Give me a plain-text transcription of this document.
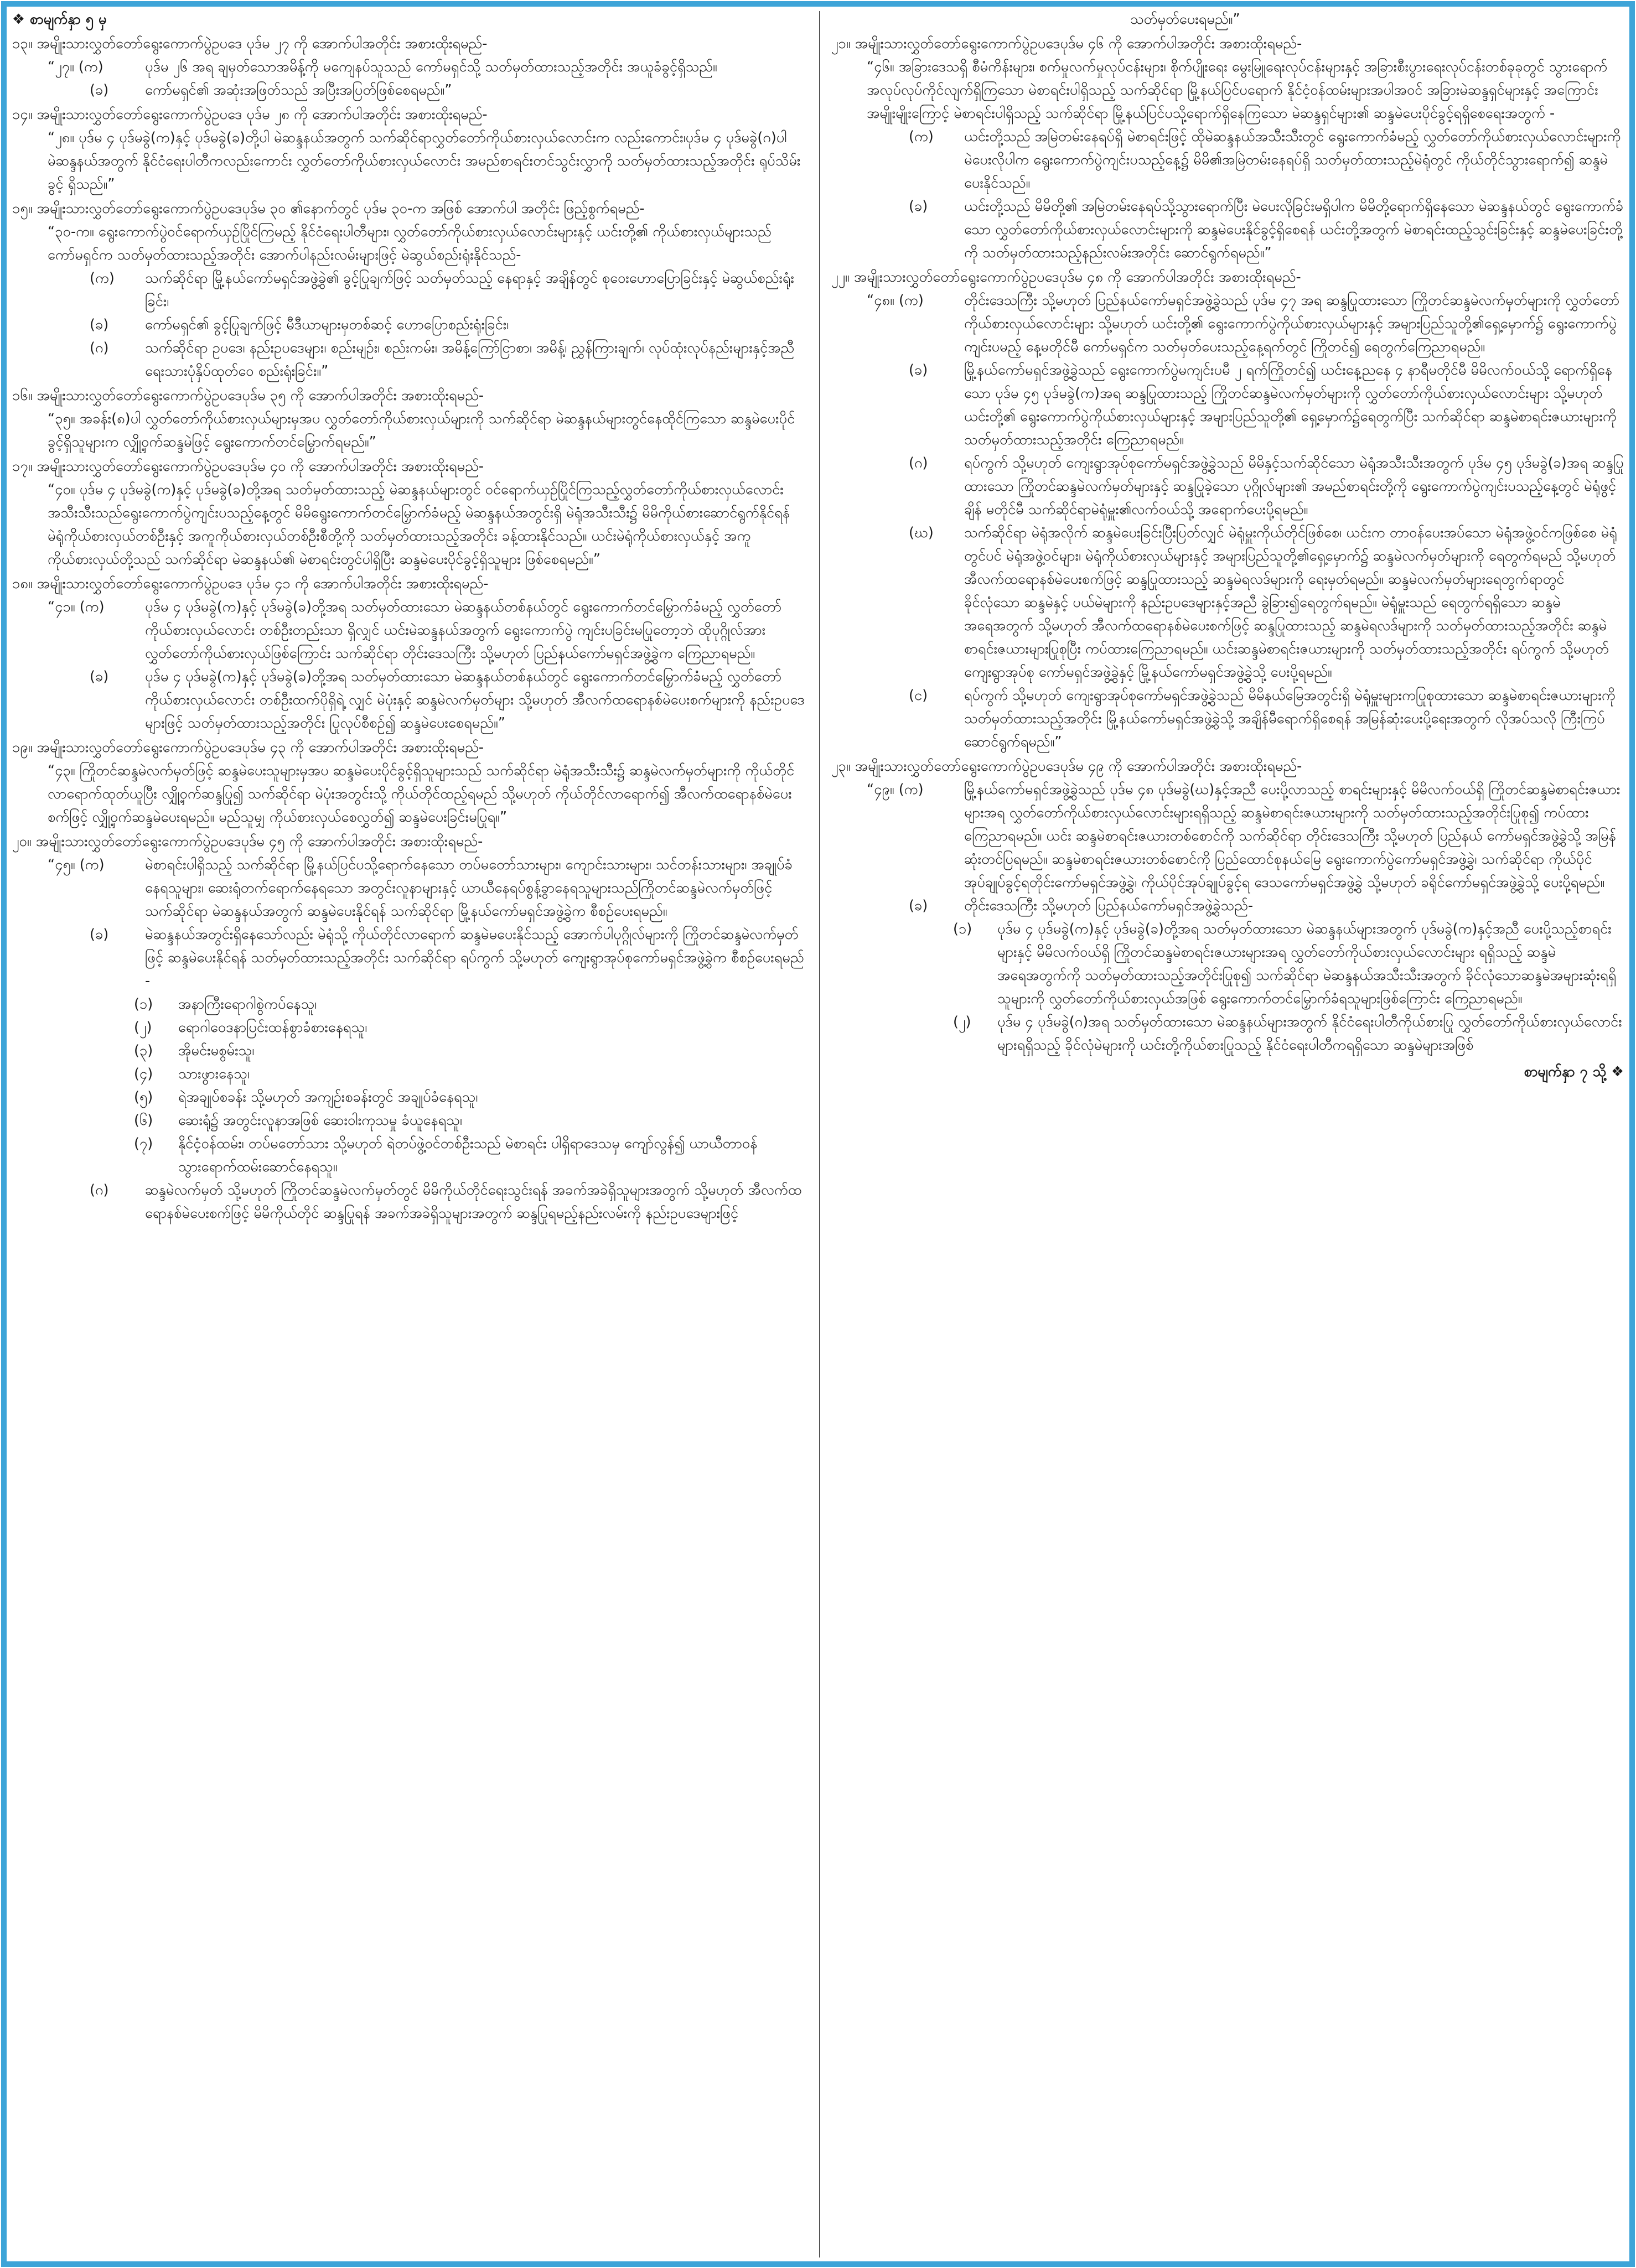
❖ စာမျက်နှာ ၅ မှ
၁၃။ အမျိုးသားလွှတ်တော်ရွေးကောက်ပွဲဥပဒေ ပုဒ်မ ၂၇ ကို အောက်ပါအတိုင်း အစားထိုးရမည်-
“၂၇။ (က)	ပုဒ်မ ၂၆ အရ ချမှတ်သောအမိန့်ကို မကျေနပ်သူသည် ကော်မရှင်သို့ သတ်မှတ်ထားသည့်အတိုင်း အယူခံခွင့်ရှိသည်။
(ခ)	ကော်မရှင်၏ အဆုံးအဖြတ်သည် အပြီးအပြတ်ဖြစ်စေရမည်။”
၁၄။ အမျိုးသားလွှတ်တော်ရွေးကောက်ပွဲဥပဒေ ပုဒ်မ ၂၈ ကို အောက်ပါအတိုင်း အစားထိုးရမည်-
“၂၈။ ပုဒ်မ ၄ ပုဒ်မခွဲ(က)နှင့် ပုဒ်မခွဲ(ခ)တို့ပါ မဲဆန္ဒနယ်အတွက် သက်ဆိုင်ရာလွှတ်တော်ကိုယ်စားလှယ်လောင်းက လည်းကောင်း၊ပုဒ်မ ၄ ပုဒ်မခွဲ(ဂ)ပါ မဲဆန္ဒနယ်အတွက် နိုင်ငံရေးပါတီကလည်းကောင်း လွှတ်တော်ကိုယ်စားလှယ်လောင်း အမည်စာရင်းတင်သွင်းလွှာကို သတ်မှတ်ထားသည့်အတိုင်း ရုပ်သိမ်းခွင့် ရှိသည်။”
၁၅။ အမျိုးသားလွှတ်တော်ရွေးကောက်ပွဲဥပဒေပုဒ်မ ၃၀ ၏နောက်တွင် ပုဒ်မ ၃၀-က အဖြစ် အောက်ပါ အတိုင်း ဖြည့်စွက်ရမည်-
“၃၀-က။ ရွေးကောက်ပွဲဝင်ရောက်ယှဉ်ပြိုင်ကြမည့် နိုင်ငံရေးပါတီများ၊ လွှတ်တော်ကိုယ်စားလှယ်လောင်းများနှင့် ယင်းတို့၏ ကိုယ်စားလှယ်များသည် ကော်မရှင်က သတ်မှတ်ထားသည့်အတိုင်း အောက်ပါနည်းလမ်းများဖြင့် မဲဆွယ်စည်းရုံးနိုင်သည်-
(က)	သက်ဆိုင်ရာ မြို့နယ်ကော်မရှင်အဖွဲ့ခွဲ၏ ခွင့်ပြုချက်ဖြင့် သတ်မှတ်သည့် နေရာနှင့် အချိန်တွင် စုဝေးဟောပြောခြင်းနှင့် မဲဆွယ်စည်းရုံးခြင်း၊
(ခ)	ကော်မရှင်၏ ခွင့်ပြုချက်ဖြင့် မီဒီယာများမှတစ်ဆင့် ဟောပြောစည်းရုံးခြင်း၊
(ဂ)	သက်ဆိုင်ရာ ဥပဒေ၊ နည်းဥပဒေများ၊ စည်းမျဉ်း၊ စည်းကမ်း၊ အမိန့်ကြော်ငြာစာ၊ အမိန့်၊ ညွှန်ကြားချက်၊ လုပ်ထုံးလုပ်နည်းများနှင့်အညီ ရေးသားပုံနှိပ်ထုတ်ဝေ စည်းရုံးခြင်း။”
၁၆။ အမျိုးသားလွှတ်တော်ရွေးကောက်ပွဲဥပဒေပုဒ်မ ၃၅ ကို အောက်ပါအတိုင်း အစားထိုးရမည်-
“၃၅။ အခန်း(၈)ပါ လွှတ်တော်ကိုယ်စားလှယ်များမှအပ လွှတ်တော်ကိုယ်စားလှယ်များကို သက်ဆိုင်ရာ မဲဆန္ဒနယ်များတွင်နေထိုင်ကြသော ဆန္ဒမဲပေးပိုင်ခွင့်ရှိသူများက လျှို့ဝှက်ဆန္ဒမဲဖြင့် ရွေးကောက်တင်မြှောက်ရမည်။”
၁၇။ အမျိုးသားလွှတ်တော်ရွေးကောက်ပွဲဥပဒေပုဒ်မ ၄၀ ကို အောက်ပါအတိုင်း အစားထိုးရမည်-
“၄၀။ ပုဒ်မ ၄ ပုဒ်မခွဲ(က)နှင့် ပုဒ်မခွဲ(ခ)တို့အရ သတ်မှတ်ထားသည့် မဲဆန္ဒနယ်များတွင် ဝင်ရောက်ယှဉ်ပြိုင်ကြသည့်လွှတ်တော်ကိုယ်စားလှယ်လောင်းအသီးသီးသည်ရွေးကောက်ပွဲကျင်းပသည့်နေ့တွင် မိမိရွေးကောက်တင်မြှောက်ခံမည့် မဲဆန္ဒနယ်အတွင်းရှိ မဲရုံအသီးသီး၌ မိမိကိုယ်စားဆောင်ရွက်နိုင်ရန် မဲရုံကိုယ်စားလှယ်တစ်ဦးနှင့် အကူကိုယ်စားလှယ်တစ်ဦးစီတို့ကို သတ်မှတ်ထားသည့်အတိုင်း ခန့်ထားနိုင်သည်။ ယင်းမဲရုံကိုယ်စားလှယ်နှင့် အကူကိုယ်စားလှယ်တို့သည် သက်ဆိုင်ရာ မဲဆန္ဒနယ်၏ မဲစာရင်းတွင်ပါရှိပြီး ဆန္ဒမဲပေးပိုင်ခွင့်ရှိသူများ ဖြစ်စေရမည်။”
၁၈။ အမျိုးသားလွှတ်တော်ရွေးကောက်ပွဲဥပဒေ ပုဒ်မ ၄၁ ကို အောက်ပါအတိုင်း အစားထိုးရမည်-
“၄၁။ (က)	ပုဒ်မ ၄ ပုဒ်မခွဲ(က)နှင့် ပုဒ်မခွဲ(ခ)တို့အရ သတ်မှတ်ထားသော မဲဆန္ဒနယ်တစ်နယ်တွင် ရွေးကောက်တင်မြှောက်ခံမည့် လွှတ်တော်ကိုယ်စားလှယ်လောင်း တစ်ဦးတည်းသာ ရှိလျှင် ယင်းမဲဆန္ဒနယ်အတွက် ရွေးကောက်ပွဲ ကျင်းပခြင်းမပြုတော့ဘဲ ထိုပုဂ္ဂိုလ်အား လွှတ်တော်ကိုယ်စားလှယ်ဖြစ်ကြောင်း သက်ဆိုင်ရာ တိုင်းဒေသကြီး သို့မဟုတ် ပြည်နယ်ကော်မရှင်အဖွဲ့ခွဲက ကြေညာရမည်။
(ခ)	ပုဒ်မ ၄ ပုဒ်မခွဲ(က)နှင့် ပုဒ်မခွဲ(ခ)တို့အရ သတ်မှတ်ထားသော မဲဆန္ဒနယ်တစ်နယ်တွင် ရွေးကောက်တင်မြှောက်ခံမည့် လွှတ်တော်ကိုယ်စားလှယ်လောင်း တစ်ဦးထက်ပိုရှိရဲ့ လျှင် မဲပုံးနှင့် ဆန္ဒမဲလက်မှတ်များ သို့မဟုတ် အီလက်ထရောနစ်မဲပေးစက်များကို နည်းဥပဒေများဖြင့် သတ်မှတ်ထားသည့်အတိုင်း ပြုလုပ်စီစဉ်၍ ဆန္ဒမဲပေးစေရမည်။”
၁၉။ အမျိုးသားလွှတ်တော်ရွေးကောက်ပွဲဥပဒေပုဒ်မ ၄၃ ကို အောက်ပါအတိုင်း အစားထိုးရမည်-
“၄၃။ ကြိုတင်ဆန္ဒမဲလက်မှတ်ဖြင့် ဆန္ဒမဲပေးသူများမှအပ ဆန္ဒမဲပေးပိုင်ခွင့်ရှိသူများသည် သက်ဆိုင်ရာ မဲရုံအသီးသီး၌ ဆန္ဒမဲလက်မှတ်များကို ကိုယ်တိုင်လာရောက်ထုတ်ယူပြီး လျှို့ဝှက်ဆန္ဒပြု၍ သက်ဆိုင်ရာ မဲပုံးအတွင်းသို့ ကိုယ်တိုင်ထည့်ရမည် သို့မဟုတ် ကိုယ်တိုင်လာရောက်၍ အီလက်ထရောနစ်မဲပေးစက်ဖြင့် လျှို့ဝှက်ဆန္ဒမဲပေးရမည်။ မည်သူမျှ ကိုယ်စားလှယ်စေလွှတ်၍ ဆန္ဒမဲပေးခြင်းမပြုရ။”
၂၀။ အမျိုးသားလွှတ်တော်ရွေးကောက်ပွဲဥပဒေပုဒ်မ ၄၅ ကို အောက်ပါအတိုင်း အစားထိုးရမည်-
“၄၅။ (က)	မဲစာရင်းပါရှိသည့် သက်ဆိုင်ရာ မြို့နယ်ပြင်ပသို့ရောက်နေသော တပ်မတော်သားများ၊ ကျောင်းသားများ၊ သင်တန်းသားများ၊ အချုပ်ခံနေရသူများ၊ ဆေးရုံတက်ရောက်နေရသော အတွင်းလူနာများနှင့် ယာယီနေရပ်စွန့်ခွာနေရသူများသည်ကြိုတင်ဆန္ဒမဲလက်မှတ်ဖြင့် သက်ဆိုင်ရာ မဲဆန္ဒနယ်အတွက် ဆန္ဒမဲပေးနိုင်ရန် သက်ဆိုင်ရာ မြို့နယ်ကော်မရှင်အဖွဲ့ခွဲက စီစဉ်ပေးရမည်။
(ခ)	မဲဆန္ဒနယ်အတွင်းရှိနေသော်လည်း မဲရုံသို့ ကိုယ်တိုင်လာရောက် ဆန္ဒမဲမပေးနိုင်သည့် အောက်ပါပုဂ္ဂိုလ်များကို ကြိုတင်ဆန္ဒမဲလက်မှတ်ဖြင့် ဆန္ဒမဲပေးနိုင်ရန် သတ်မှတ်ထားသည့်အတိုင်း သက်ဆိုင်ရာ ရပ်ကွက် သို့မဟုတ် ကျေးရွာအုပ်စုကော်မရှင်အဖွဲ့ခွဲက စီစဉ်ပေးရမည် -
(၁)	အနာကြီးရောဂါစွဲကပ်နေသူ၊
(၂)	ရောဂါဝေဒနာပြင်းထန်စွာခံစားနေရသူ၊
(၃)	အိုမင်းမစွမ်းသူ၊
(၄)	သားဖွားနေသူ၊
(၅)	ရဲအချုပ်စခန်း သို့မဟုတ် အကျဉ်းစခန်းတွင် အချုပ်ခံနေရသူ၊
(၆)	ဆေးရုံ၌ အတွင်းလူနာအဖြစ် ဆေးဝါးကုသမှု ခံယူနေရသူ၊
(၇)	နိုင်ငံ့ဝန်ထမ်း၊ တပ်မတော်သား သို့မဟုတ် ရဲတပ်ဖွဲ့ဝင်တစ်ဦးသည် မဲစာရင်း ပါရှိရာဒေသမှ ကျော်လွန်၍ ယာယီတာဝန်သွားရောက်ထမ်းဆောင်နေရသူ။
(ဂ)	ဆန္ဒမဲလက်မှတ် သို့မဟုတ် ကြိုတင်ဆန္ဒမဲလက်မှတ်တွင် မိမိကိုယ်တိုင်ရေးသွင်းရန် အခက်အခဲရှိသူများအတွက် သို့မဟုတ် အီလက်ထရောနစ်မဲပေးစက်ဖြင့် မိမိကိုယ်တိုင် ဆန္ဒပြုရန် အခက်အခဲရှိသူများအတွက် ဆန္ဒပြုရမည့်နည်းလမ်းကို နည်းဥပဒေများဖြင့်
သတ်မှတ်ပေးရမည်။”
၂၁။ အမျိုးသားလွှတ်တော်ရွေးကောက်ပွဲဥပဒေပုဒ်မ ၄၆ ကို အောက်ပါအတိုင်း အစားထိုးရမည်-
“၄၆။ အခြားဒေသရှိ စီမံကိန်းများ၊ စက်မှုလက်မှုလုပ်ငန်းများ၊ စိုက်ပျိုးရေး မွေးမြူရေးလုပ်ငန်းများနှင့် အခြားစီးပွားရေးလုပ်ငန်းတစ်ခုခုတွင် သွားရောက်အလုပ်လုပ်ကိုင်လျက်ရှိကြသော မဲစာရင်းပါရှိသည့် သက်ဆိုင်ရာ မြို့နယ်ပြင်ပရောက် နိုင်ငံ့ဝန်ထမ်းများအပါအဝင် အခြားမဲဆန္ဒရှင်များနှင့် အကြောင်းအမျိုးမျိုးကြောင့် မဲစာရင်းပါရှိသည့် သက်ဆိုင်ရာ မြို့နယ်ပြင်ပသို့ရောက်ရှိနေကြသော မဲဆန္ဒရှင်များ၏ ဆန္ဒမဲပေးပိုင်ခွင့်ရရှိစေရေးအတွက် -
(က)	ယင်းတို့သည် အမြဲတမ်းနေရပ်ရှိ မဲစာရင်းဖြင့် ထိုမဲဆန္ဒနယ်အသီးသီးတွင် ရွေးကောက်ခံမည့် လွှတ်တော်ကိုယ်စားလှယ်လောင်းများကို မဲပေးလိုပါက ရွေးကောက်ပွဲကျင်းပသည့်နေ့၌ မိမိ၏အမြဲတမ်းနေရပ်ရှိ သတ်မှတ်ထားသည့်မဲရုံတွင် ကိုယ်တိုင်သွားရောက်၍ ဆန္ဒမဲပေးနိုင်သည်။
(ခ)	ယင်းတို့သည် မိမိတို့၏ အမြဲတမ်းနေရပ်သို့သွားရောက်ပြီး မဲပေးလိုခြင်းမရှိပါက မိမိတို့ရောက်ရှိနေသော မဲဆန္ဒနယ်တွင် ရွေးကောက်ခံသော လွှတ်တော်ကိုယ်စားလှယ်လောင်းများကို ဆန္ဒမဲပေးနိုင်ခွင့်ရှိစေရန် ယင်းတို့အတွက် မဲစာရင်းထည့်သွင်းခြင်းနှင့် ဆန္ဒမဲပေးခြင်းတို့ကို သတ်မှတ်ထားသည့်နည်းလမ်းအတိုင်း ဆောင်ရွက်ရမည်။”
၂၂။ အမျိုးသားလွှတ်တော်ရွေးကောက်ပွဲဥပဒေပုဒ်မ ၄၈ ကို အောက်ပါအတိုင်း အစားထိုးရမည်-
“၄၈။ (က)	တိုင်းဒေသကြီး သို့မဟုတ် ပြည်နယ်ကော်မရှင်အဖွဲ့ခွဲသည် ပုဒ်မ ၄၇ အရ ဆန္ဒပြုထားသော ကြိုတင်ဆန္ဒမဲလက်မှတ်များကို လွှတ်တော်ကိုယ်စားလှယ်လောင်းများ သို့မဟုတ် ယင်းတို့၏ ရွေးကောက်ပွဲကိုယ်စားလှယ်များနှင့် အများပြည်သူတို့၏ရှေ့မှောက်၌ ရွေးကောက်ပွဲကျင်းပမည့် နေ့မတိုင်မီ ကော်မရှင်က သတ်မှတ်ပေးသည့်နေ့ရက်တွင် ကြိုတင်၍ ရေတွက်ကြေညာရမည်။
(ခ)	မြို့နယ်ကော်မရှင်အဖွဲ့ခွဲသည် ရွေးကောက်ပွဲမကျင်းပမီ ၂ ရက်ကြိုတင်၍ ယင်းနေ့ညနေ ၄ နာရီမတိုင်မီ မိမိလက်ဝယ်သို့ ရောက်ရှိနေသော ပုဒ်မ ၄၅ ပုဒ်မခွဲ(က)အရ ဆန္ဒပြုထားသည့် ကြိုတင်ဆန္ဒမဲလက်မှတ်များကို လွှတ်တော်ကိုယ်စားလှယ်လောင်းများ သို့မဟုတ် ယင်းတို့၏ ရွေးကောက်ပွဲကိုယ်စားလှယ်များနှင့် အများပြည်သူတို့၏ ရှေ့မှောက်၌ရေတွက်ပြီး သက်ဆိုင်ရာ ဆန္ဒမဲစာရင်းဇယားများကို သတ်မှတ်ထားသည့်အတိုင်း ကြေညာရမည်။
(ဂ)	ရပ်ကွက် သို့မဟုတ် ကျေးရွာအုပ်စုကော်မရှင်အဖွဲ့ခွဲသည် မိမိနှင့်သက်ဆိုင်သော မဲရုံအသီးသီးအတွက် ပုဒ်မ ၄၅ ပုဒ်မခွဲ(ခ)အရ ဆန္ဒပြုထားသော ကြိုတင်ဆန္ဒမဲလက်မှတ်များနှင့် ဆန္ဒပြုခဲ့သော ပုဂ္ဂိုလ်များ၏ အမည်စာရင်းတို့ကို ရွေးကောက်ပွဲကျင်းပသည့်နေ့တွင် မဲရုံဖွင့်ချိန် မတိုင်မီ သက်ဆိုင်ရာမဲရုံမှူး၏လက်ဝယ်သို့ အရောက်ပေးပို့ရမည်။
(ဃ)	သက်ဆိုင်ရာ မဲရုံအလိုက် ဆန္ဒမဲပေးခြင်းပြီးပြတ်လျှင် မဲရုံမှူးကိုယ်တိုင်ဖြစ်စေ၊ ယင်းက တာဝန်ပေးအပ်သော မဲရုံအဖွဲ့ဝင်ကဖြစ်စေ မဲရုံတွင်ပင် မဲရုံအဖွဲ့ဝင်များ၊ မဲရုံကိုယ်စားလှယ်များနှင့် အများပြည်သူတို့၏ရှေ့မှောက်၌ ဆန္ဒမဲလက်မှတ်များကို ရေတွက်ရမည် သို့မဟုတ် အီလက်ထရောနစ်မဲပေးစက်ဖြင့် ဆန္ဒပြုထားသည့် ဆန္ဒမဲရလဒ်များကို ရေးမှတ်ရမည်။ ဆန္ဒမဲလက်မှတ်များရေတွက်ရာတွင် ခိုင်လုံသော ဆန္ဒမဲနှင့် ပယ်မဲများကို နည်းဥပဒေများနှင့်အညီ ခွဲခြား၍ရေတွက်ရမည်။ မဲရုံမှူးသည် ရေတွက်ရရှိသော ဆန္ဒမဲအရေအတွက် သို့မဟုတ် အီလက်ထရောနစ်မဲပေးစက်ဖြင့် ဆန္ဒပြုထားသည့် ဆန္ဒမဲရလဒ်များကို သတ်မှတ်ထားသည့်အတိုင်း ဆန္ဒမဲစာရင်းဇယားများပြုစုပြီး ကပ်ထားကြေညာရမည်။ ယင်းဆန္ဒမဲစာရင်းဇယားများကို သတ်မှတ်ထားသည့်အတိုင်း ရပ်ကွက် သို့မဟုတ် ကျေးရွာအုပ်စု ကော်မရှင်အဖွဲ့ခွဲနှင့် မြို့နယ်ကော်မရှင်အဖွဲ့ခွဲသို့ ပေးပို့ရမည်။
(င)	ရပ်ကွက် သို့မဟုတ် ကျေးရွာအုပ်စုကော်မရှင်အဖွဲ့ခွဲသည် မိမိနယ်မြေအတွင်းရှိ မဲရုံမှူးများကပြုစုထားသော ဆန္ဒမဲစာရင်းဇယားများကို သတ်မှတ်ထားသည့်အတိုင်း မြို့နယ်ကော်မရှင်အဖွဲ့ခွဲသို့ အချိန်မီရောက်ရှိစေရန် အမြန်ဆုံးပေးပို့ရေးအတွက် လိုအပ်သလို ကြီးကြပ်ဆောင်ရွက်ရမည်။”
၂၃။ အမျိုးသားလွှတ်တော်ရွေးကောက်ပွဲဥပဒေပုဒ်မ ၄၉ ကို အောက်ပါအတိုင်း အစားထိုးရမည်-
“၄၉။ (က)	မြို့နယ်ကော်မရှင်အဖွဲ့ခွဲသည် ပုဒ်မ ၄၈ ပုဒ်မခွဲ(ဃ)နှင့်အညီ ပေးပို့လာသည့် စာရင်းများနှင့် မိမိလက်ဝယ်ရှိ ကြိုတင်ဆန္ဒမဲစာရင်းဇယားများအရ လွှတ်တော်ကိုယ်စားလှယ်လောင်းများရရှိသည့် ဆန္ဒမဲစာရင်းဇယားများကို သတ်မှတ်ထားသည့်အတိုင်းပြုစု၍ ကပ်ထားကြေညာရမည်။ ယင်း ဆန္ဒမဲစာရင်းဇယားတစ်စောင်ကို သက်ဆိုင်ရာ တိုင်းဒေသကြီး သို့မဟုတ် ပြည်နယ် ကော်မရှင်အဖွဲ့ခွဲသို့ အမြန်ဆုံးတင်ပြရမည်။ ဆန္ဒမဲစာရင်းဇယားတစ်စောင်ကို ပြည်ထောင်စုနယ်မြေ ရွေးကောက်ပွဲကော်မရှင်အဖွဲ့ခွဲ၊ သက်ဆိုင်ရာ ကိုယ်ပိုင်အုပ်ချုပ်ခွင့်ရတိုင်းကော်မရှင်အဖွဲ့ခွဲ၊ ကိုယ်ပိုင်အုပ်ချုပ်ခွင့်ရ ဒေသကော်မရှင်အဖွဲ့ခွဲ သို့မဟုတ် ခရိုင်ကော်မရှင်အဖွဲ့ခွဲသို့ ပေးပို့ရမည်။
(ခ)	တိုင်းဒေသကြီး သို့မဟုတ် ပြည်နယ်ကော်မရှင်အဖွဲ့ခွဲသည်-
(၁)	ပုဒ်မ ၄ ပုဒ်မခွဲ(က)နှင့် ပုဒ်မခွဲ(ခ)တို့အရ သတ်မှတ်ထားသော မဲဆန္ဒနယ်များအတွက် ပုဒ်မခွဲ(က)နှင့်အညီ ပေးပို့သည့်စာရင်းများနှင့် မိမိလက်ဝယ်ရှိ ကြိုတင်ဆန္ဒမဲစာရင်းဇယားများအရ လွှတ်တော်ကိုယ်စားလှယ်လောင်းများ ရရှိသည့် ဆန္ဒမဲအရေအတွက်ကို သတ်မှတ်ထားသည့်အတိုင်းပြုစု၍ သက်ဆိုင်ရာ မဲဆန္ဒနယ်အသီးသီးအတွက် ခိုင်လုံသောဆန္ဒမဲအများဆုံးရရှိသူများကို လွှတ်တော်ကိုယ်စားလှယ်အဖြစ် ရွေးကောက်တင်မြှောက်ခံရသူများဖြစ်ကြောင်း ကြေညာရမည်။
(၂)	ပုဒ်မ ၄ ပုဒ်မခွဲ(ဂ)အရ သတ်မှတ်ထားသော မဲဆန္ဒနယ်များအတွက် နိုင်ငံရေးပါတီကိုယ်စားပြု လွှတ်တော်ကိုယ်စားလှယ်လောင်းများရရှိသည့် ခိုင်လုံမဲများကို ယင်းတို့ကိုယ်စားပြုသည့် နိုင်ငံရေးပါတီကရရှိသော ဆန္ဒမဲများအဖြစ်
စာမျက်နှာ ၇ သို့ ❖
